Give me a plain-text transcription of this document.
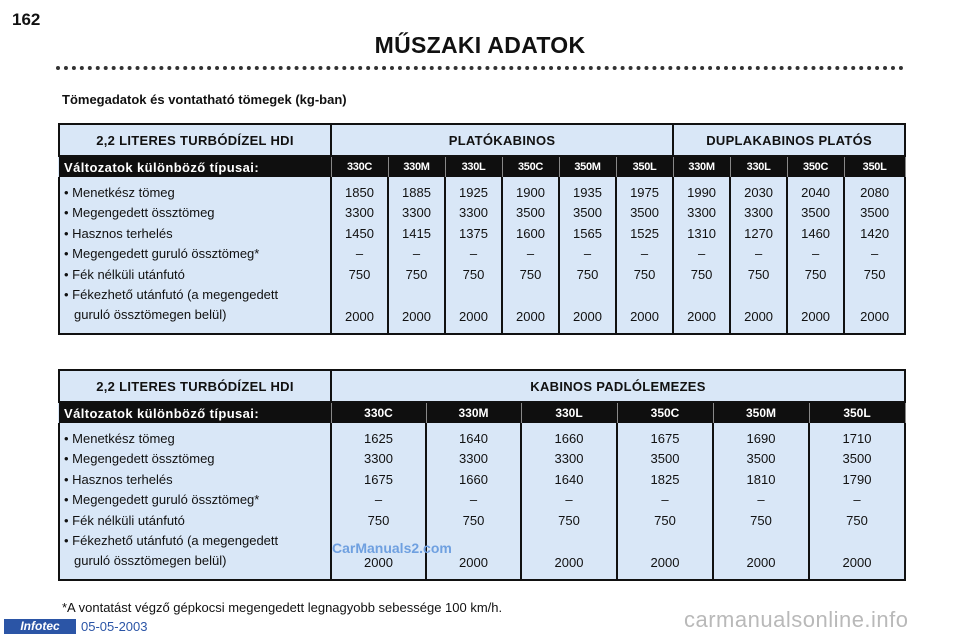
162
MŰSZAKI ADATOK
Tömegadatok és vontatható tömegek (kg-ban)
2,2 LITERES TURBÓDÍZEL HDI	PLATÓKABINOS						DUPLAKABINOS PLATÓS			
Változatok különböző típusai:	330C	330M	330L	350C	350M	350L	330M	330L	350C	350L
• Menetkész tömeg	1850	1885	1925	1900	1935	1975	1990	2030	2040	2080
• Megengedett össztömeg	3300	3300	3300	3500	3500	3500	3300	3300	3500	3500
• Hasznos terhelés	1450	1415	1375	1600	1565	1525	1310	1270	1460	1420
• Megengedett guruló össztömeg*	–	–	–	–	–	–	–	–	–	–
• Fék nélküli utánfutó	750	750	750	750	750	750	750	750	750	750

• Fékezhető utánfutó (a megengedett
guruló össztömegen belül)	2000	2000	2000	2000	2000	2000	2000	2000	2000	2000
2,2 LITERES TURBÓDÍZEL HDI	KABINOS PADLÓLEMEZES					
Változatok különböző típusai:	330C	330M	330L	350C	350M	350L
• Menetkész tömeg	1625	1640	1660	1675	1690	1710
• Megengedett össztömeg	3300	3300	3300	3500	3500	3500
• Hasznos terhelés	1675	1660	1640	1825	1810	1790
• Megengedett guruló össztömeg*	–	–	–	–	–	–
• Fék nélküli utánfutó	750	750	750	750	750	750

• Fékezhető utánfutó (a megengedett
guruló össztömegen belül)	2000	2000	2000	2000	2000	2000
*A vontatást végző gépkocsi megengedett legnagyobb sebessége 100 km/h.
Infotec	05-05-2003
CarManuals2.com
carmanualsonline.info
